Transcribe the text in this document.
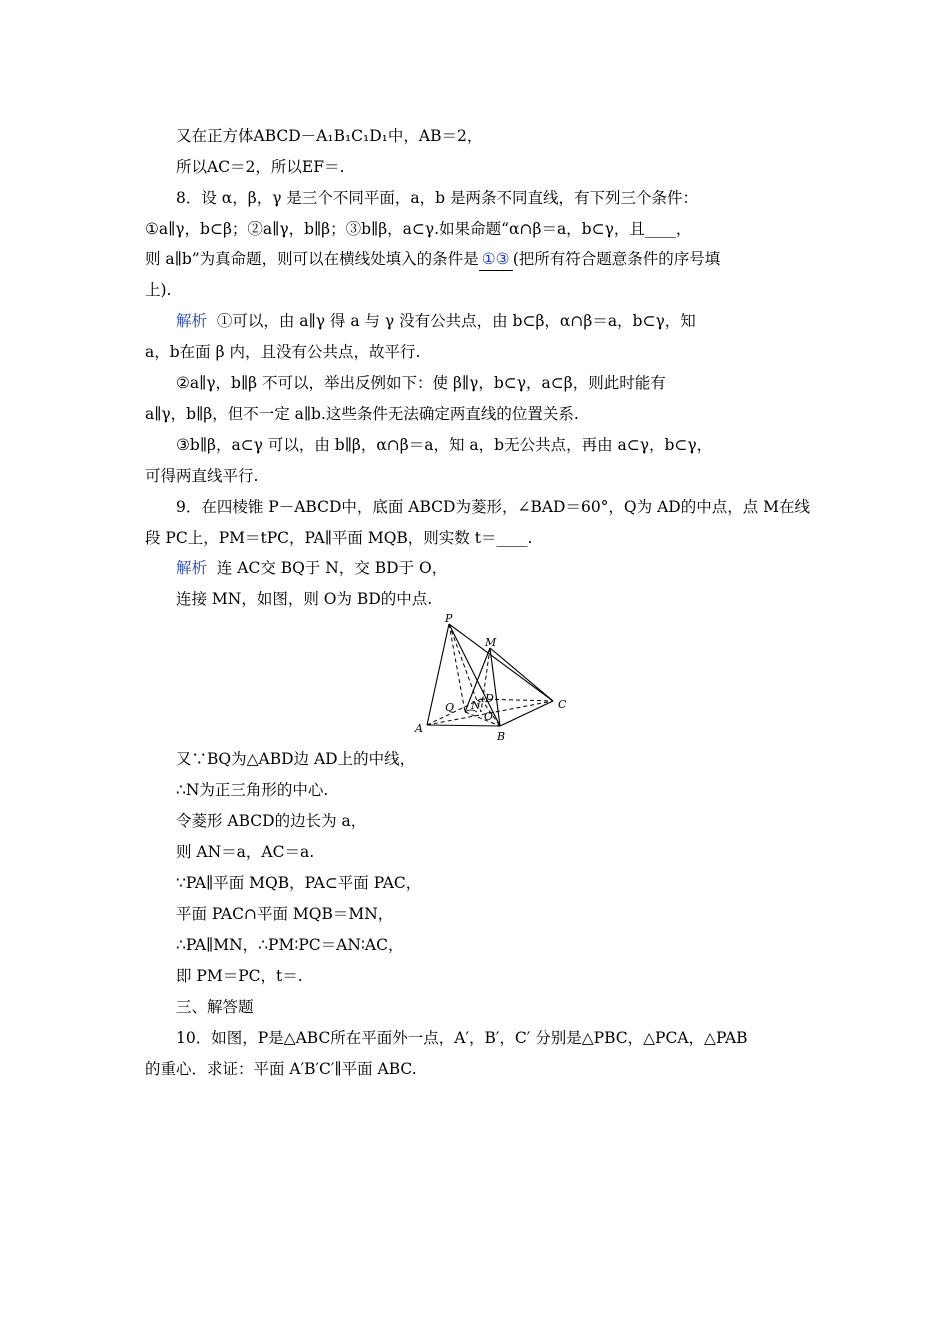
又在正方体ABCD－A₁B₁C₁D₁中，AB＝2，
所以AC＝2，所以EF＝.
8．设 α，β，γ 是三个不同平面，a，b 是两条不同直线，有下列三个条件：
①a∥γ，b⊂β；②a∥γ，b∥β；③b∥β，a⊂γ.如果命题“α∩β＝a，b⊂γ，且____，
则 a∥b”为真命题，则可以在横线处填入的条件是 ①③ (把所有符合题意条件的序号填
上).
解析 ①可以，由 a∥γ 得 a 与 γ 没有公共点，由 b⊂β，α∩β＝a，b⊂γ，知
a，b在面 β 内，且没有公共点，故平行.
②a∥γ，b∥β 不可以，举出反例如下：使 β∥γ，b⊂γ，a⊂β，则此时能有
a∥γ，b∥β，但不一定 a∥b.这些条件无法确定两直线的位置关系.
③b∥β，a⊂γ 可以，由 b∥β，α∩β＝a，知 a，b无公共点，再由 a⊂γ，b⊂γ，
可得两直线平行.
9．在四棱锥 P－ABCD中，底面 ABCD为菱形，∠BAD＝60°，Q为 AD的中点，点 M在线
段 PC上，PM＝tPC，PA∥平面 MQB，则实数 t＝____.
解析 连 AC交 BQ于 N，交 BD于 O，
连接 MN，如图，则 O为 BD的中点.
P
M
C
Q N
D
O
A
B
又∵BQ为△ABD边 AD上的中线，
∴N为正三角形的中心.
令菱形 ABCD的边长为 a，
则 AN＝a，AC＝a.
∵PA∥平面 MQB，PA⊂平面 PAC，
平面 PAC∩平面 MQB＝MN，
∴PA∥MN，∴PM∶PC＝AN∶AC，
即 PM＝PC，t＝.
三、解答题
10．如图，P是△ABC所在平面外一点，A′，B′，C′ 分别是△PBC，△PCA，△PAB
的重心．求证：平面 A′B′C′∥平面 ABC.
